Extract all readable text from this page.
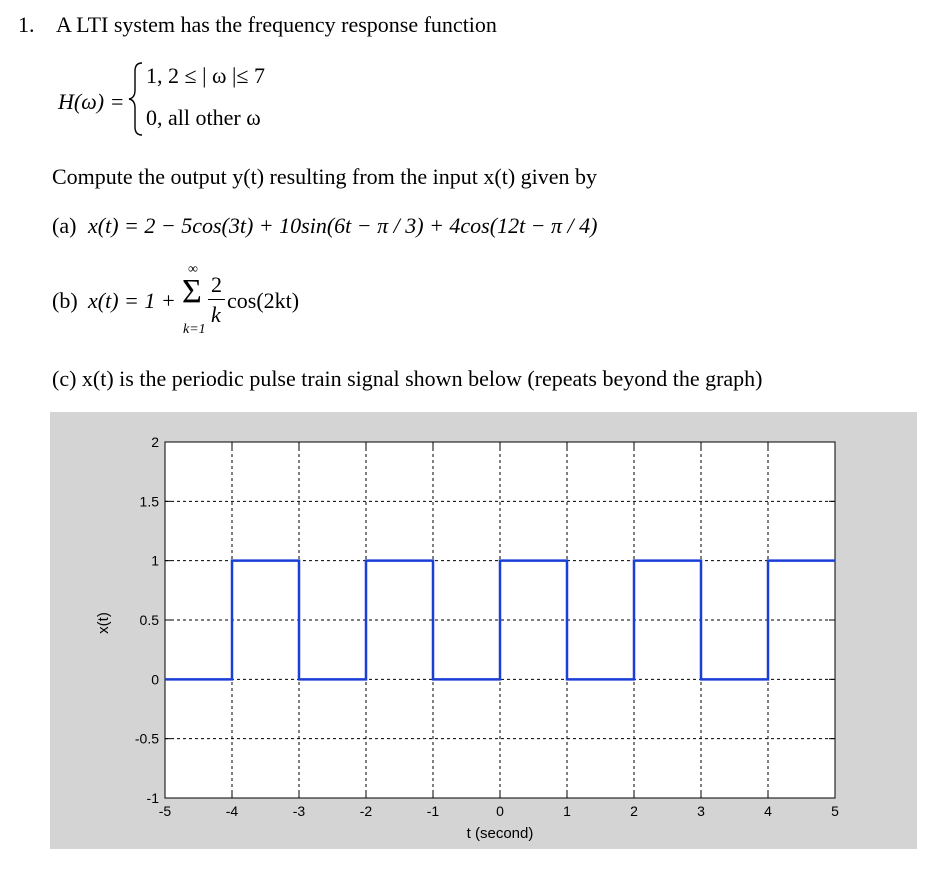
1. A LTI system has the frequency response function
H(ω) =
1, 2 ≤ | ω |≤ 7
0, all other ω
Compute the output y(t) resulting from the input x(t) given by
(a) x(t) = 2 − 5cos(3t) + 10sin(6t − π / 3) + 4cos(12t − π / 4)
(b) x(t) = 1 + Σ
∞
k=1
2
k
cos(2kt)
(c) x(t) is the periodic pulse train signal shown below (repeats beyond the graph)
-5	-4	-3	-2	-1	0	1	2	3	4	5
-1
-0.5
0
0.5
1
1.5
2
t (second)
x(t)
